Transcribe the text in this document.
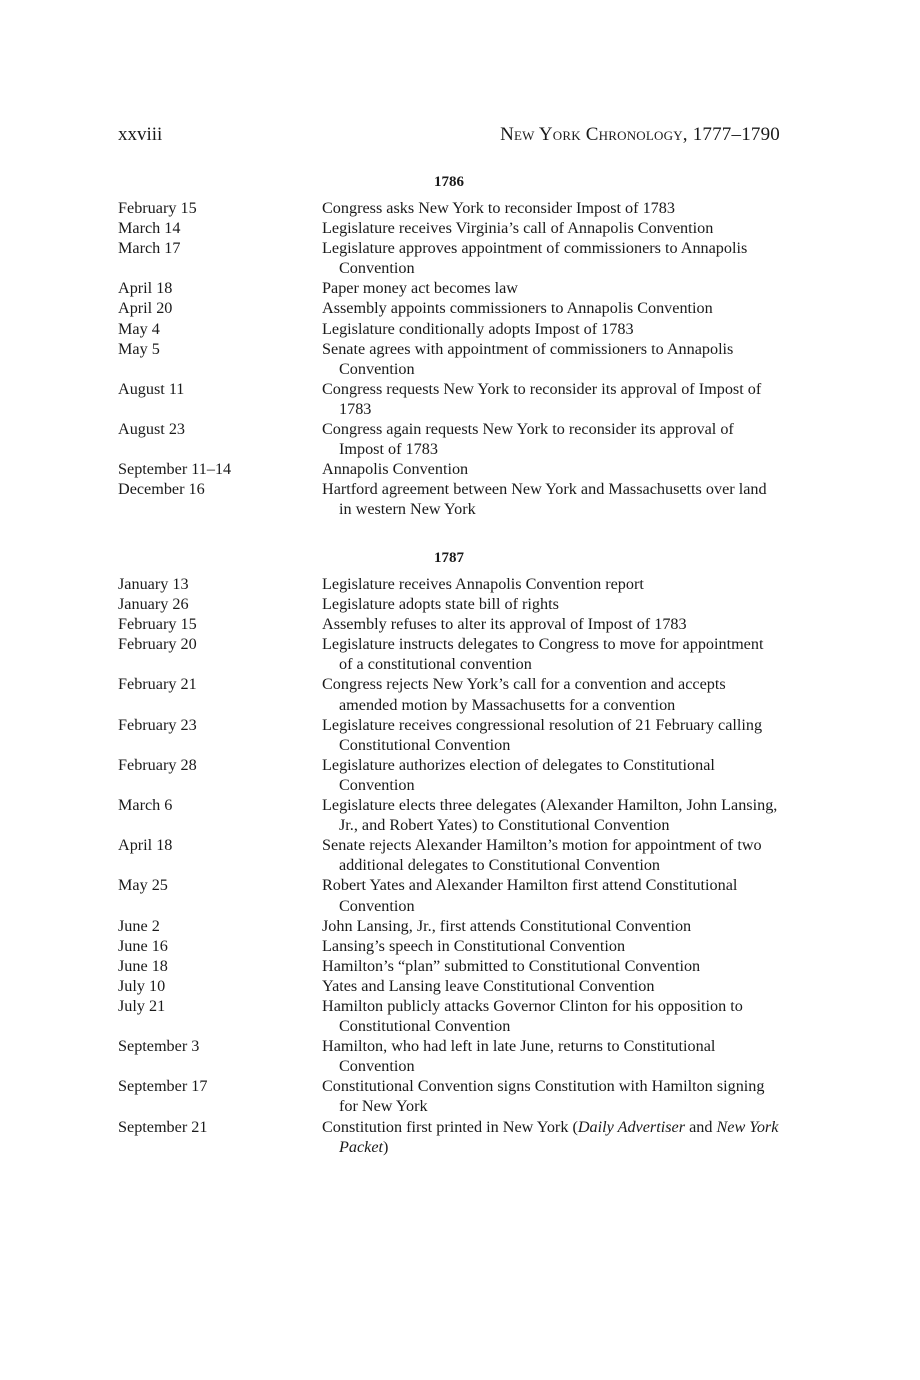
xxviii	New York Chronology, 1777–1790
1786
February 15	Congress asks New York to reconsider Impost of 1783
March 14	Legislature receives Virginia’s call of Annapolis Convention
March 17	Legislature approves appointment of commissioners to Annapolis Convention
April 18	Paper money act becomes law
April 20	Assembly appoints commissioners to Annapolis Convention
May 4	Legislature conditionally adopts Impost of 1783
May 5	Senate agrees with appointment of commissioners to Annapolis Convention
August 11	Congress requests New York to reconsider its approval of Impost of 1783
August 23	Congress again requests New York to reconsider its approval of Impost of 1783
September 11–14	Annapolis Convention
December 16	Hartford agreement between New York and Massachusetts over land in western New York
1787
January 13	Legislature receives Annapolis Convention report
January 26	Legislature adopts state bill of rights
February 15	Assembly refuses to alter its approval of Impost of 1783
February 20	Legislature instructs delegates to Congress to move for appointment of a constitutional convention
February 21	Congress rejects New York’s call for a convention and accepts amended motion by Massachusetts for a convention
February 23	Legislature receives congressional resolution of 21 February calling Constitutional Convention
February 28	Legislature authorizes election of delegates to Constitutional Convention
March 6	Legislature elects three delegates (Alexander Hamilton, John Lansing, Jr., and Robert Yates) to Constitutional Convention
April 18	Senate rejects Alexander Hamilton’s motion for appointment of two additional delegates to Constitutional Convention
May 25	Robert Yates and Alexander Hamilton first attend Constitutional Convention
June 2	John Lansing, Jr., first attends Constitutional Convention
June 16	Lansing’s speech in Constitutional Convention
June 18	Hamilton’s “plan” submitted to Constitutional Convention
July 10	Yates and Lansing leave Constitutional Convention
July 21	Hamilton publicly attacks Governor Clinton for his opposition to Constitutional Convention
September 3	Hamilton, who had left in late June, returns to Constitutional Convention
September 17	Constitutional Convention signs Constitution with Hamilton signing for New York
September 21	Constitution first printed in New York (Daily Advertiser and New York Packet)
